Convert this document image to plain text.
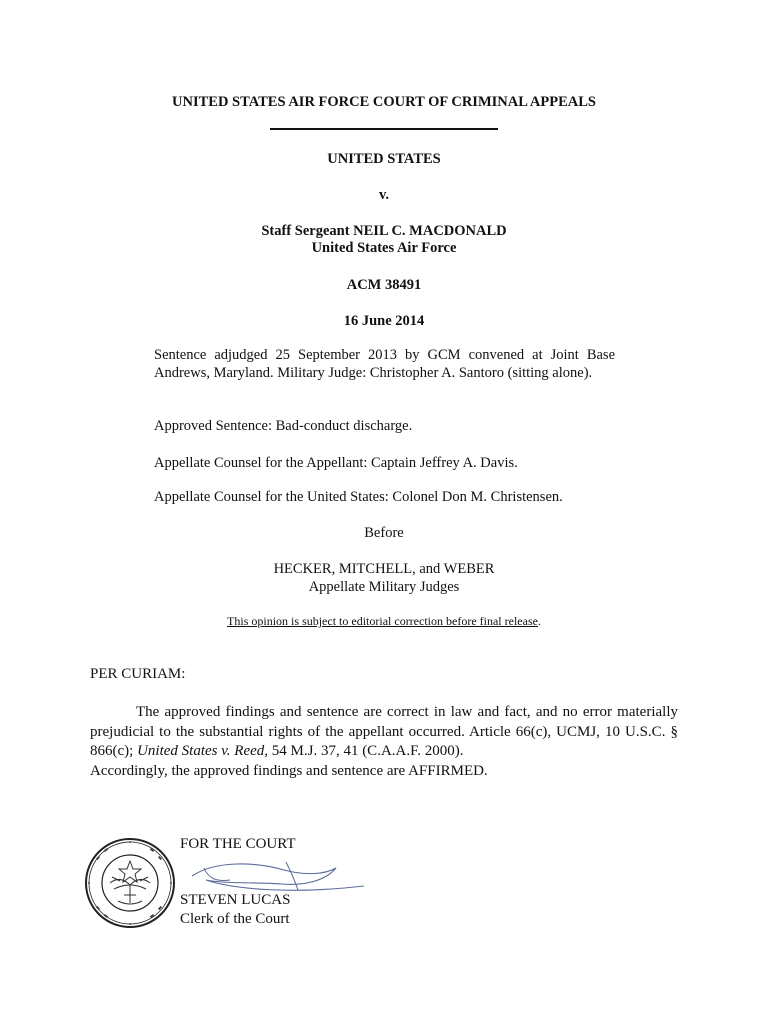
UNITED STATES AIR FORCE COURT OF CRIMINAL APPEALS
UNITED STATES
v.
Staff Sergeant NEIL C. MACDONALD
United States Air Force
ACM 38491
16 June 2014
Sentence adjudged 25 September 2013 by GCM convened at Joint Base Andrews, Maryland. Military Judge: Christopher A. Santoro (sitting alone).
Approved Sentence: Bad-conduct discharge.
Appellate Counsel for the Appellant: Captain Jeffrey A. Davis.
Appellate Counsel for the United States: Colonel Don M. Christensen.
Before
HECKER, MITCHELL, and WEBER
Appellate Military Judges
This opinion is subject to editorial correction before final release.
PER CURIAM:
The approved findings and sentence are correct in law and fact, and no error materially prejudicial to the substantial rights of the appellant occurred. Article 66(c), UCMJ, 10 U.S.C. § 866(c); United States v. Reed, 54 M.J. 37, 41 (C.A.A.F. 2000).
Accordingly, the approved findings and sentence are AFFIRMED.
FOR THE COURT
STEVEN LUCAS
Clerk of the Court
